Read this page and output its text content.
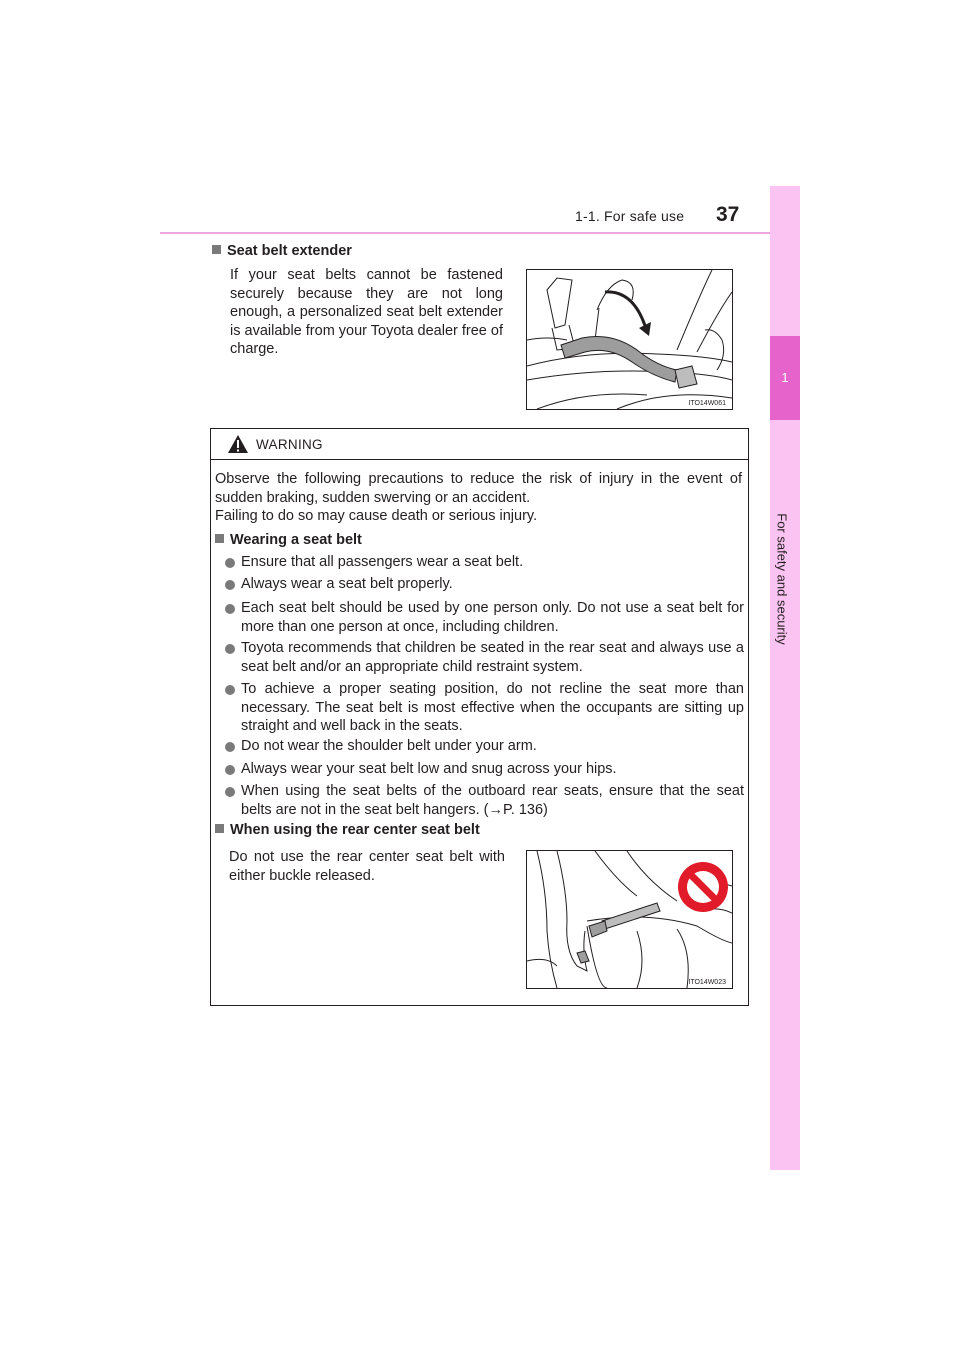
1-1. For safe use 37
1
For safety and security
Seat belt extender
If your seat belts cannot be fastened securely because they are not long enough, a personalized seat belt extender is available from your Toyota dealer free of charge.
ITO14W061
WARNING
Observe the following precautions to reduce the risk of injury in the event of sudden braking, sudden swerving or an accident.
Failing to do so may cause death or serious injury.
Wearing a seat belt
Ensure that all passengers wear a seat belt.
Always wear a seat belt properly.
Each seat belt should be used by one person only. Do not use a seat belt for more than one person at once, including children.
Toyota recommends that children be seated in the rear seat and always use a seat belt and/or an appropriate child restraint system.
To achieve a proper seating position, do not recline the seat more than necessary. The seat belt is most effective when the occupants are sitting up straight and well back in the seats.
Do not wear the shoulder belt under your arm.
Always wear your seat belt low and snug across your hips.
When using the seat belts of the outboard rear seats, ensure that the seat belts are not in the seat belt hangers. (→P. 136)
When using the rear center seat belt
Do not use the rear center seat belt with either buckle released.
ITO14W023
